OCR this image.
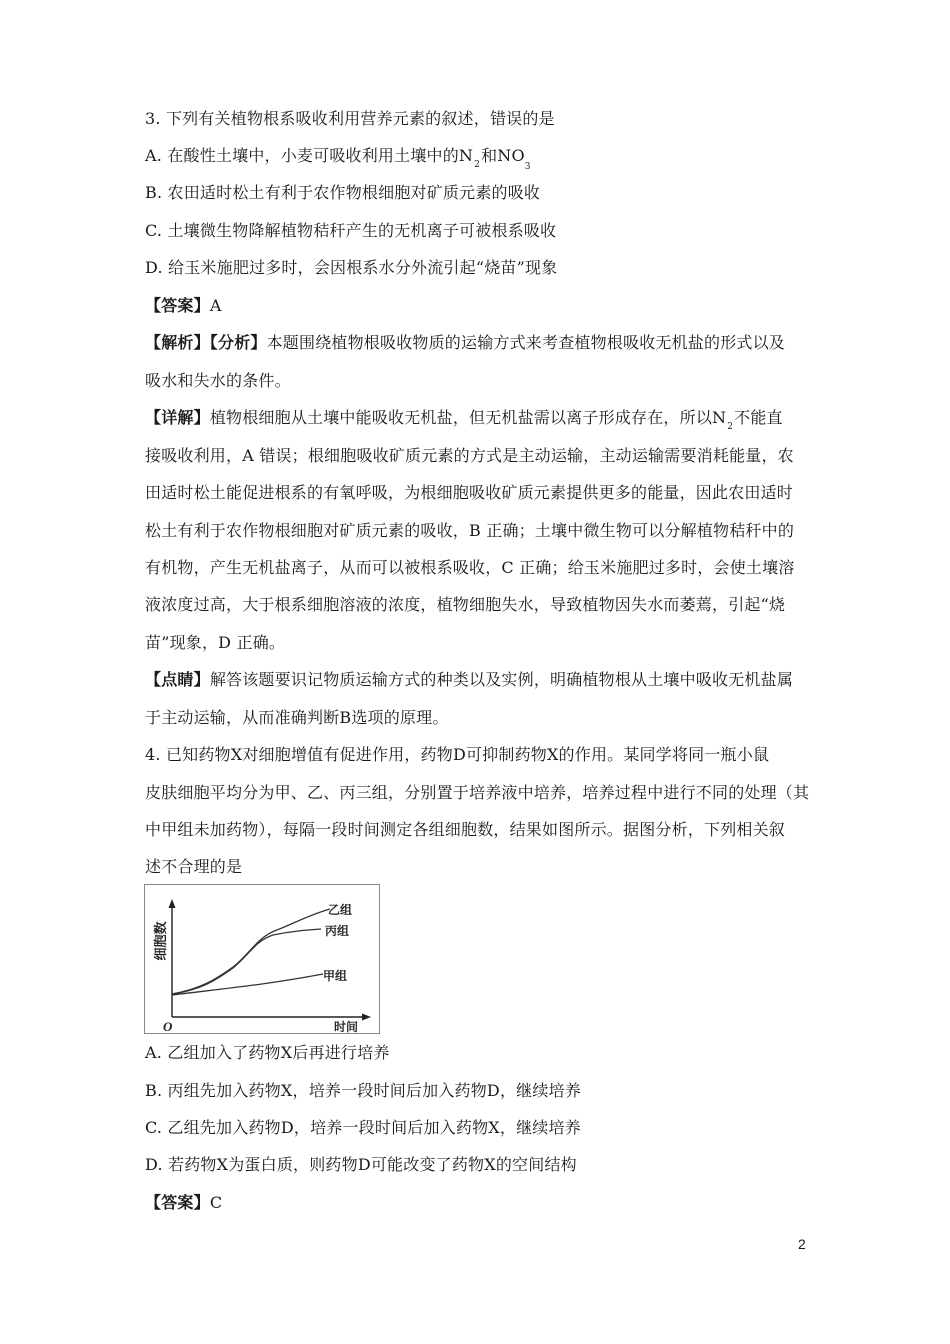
3. 下列有关植物根系吸收利用营养元素的叙述，错误的是
A. 在酸性土壤中，小麦可吸收利用土壤中的$N_2$和$NO_3$
B. 农田适时松土有利于农作物根细胞对矿质元素的吸收
C. 土壤微生物降解植物秸秆产生的无机离子可被根系吸收
D. 给玉米施肥过多时，会因根系水分外流引起“烧苗”现象
【答案】A
【解析】【分析】本题围绕植物根吸收物质的运输方式来考查植物根吸收无机盐的形式以及
吸水和失水的条件。
【详解】植物根细胞从土壤中能吸收无机盐，但无机盐需以离子形成存在，所以$N_2$不能直
接吸收利用，A 错误；根细胞吸收矿质元素的方式是主动运输，主动运输需要消耗能量，农
田适时松土能促进根系的有氧呼吸，为根细胞吸收矿质元素提供更多的能量，因此农田适时
松土有利于农作物根细胞对矿质元素的吸收，B 正确；土壤中微生物可以分解植物秸秆中的
有机物，产生无机盐离子，从而可以被根系吸收，C 正确；给玉米施肥过多时，会使土壤溶
液浓度过高，大于根系细胞溶液的浓度，植物细胞失水，导致植物因失水而萎蔫，引起“烧
苗”现象，D 正确。
【点睛】解答该题要识记物质运输方式的种类以及实例，明确植物根从土壤中吸收无机盐属
于主动运输，从而准确判断B选项的原理。
4. 已知药物X对细胞增值有促进作用，药物D可抑制药物X的作用。某同学将同一瓶小鼠
皮肤细胞平均分为甲、乙、丙三组，分别置于培养液中培养，培养过程中进行不同的处理（其
中甲组未加药物），每隔一段时间测定各组细胞数，结果如图所示。据图分析，下列相关叙
述不合理的是
细胞数
时间
O
乙组
丙组
甲组
A. 乙组加入了药物X后再进行培养
B. 丙组先加入药物X，培养一段时间后加入药物D，继续培养
C. 乙组先加入药物D，培养一段时间后加入药物X，继续培养
D. 若药物X为蛋白质，则药物D可能改变了药物X的空间结构
【答案】C
2
